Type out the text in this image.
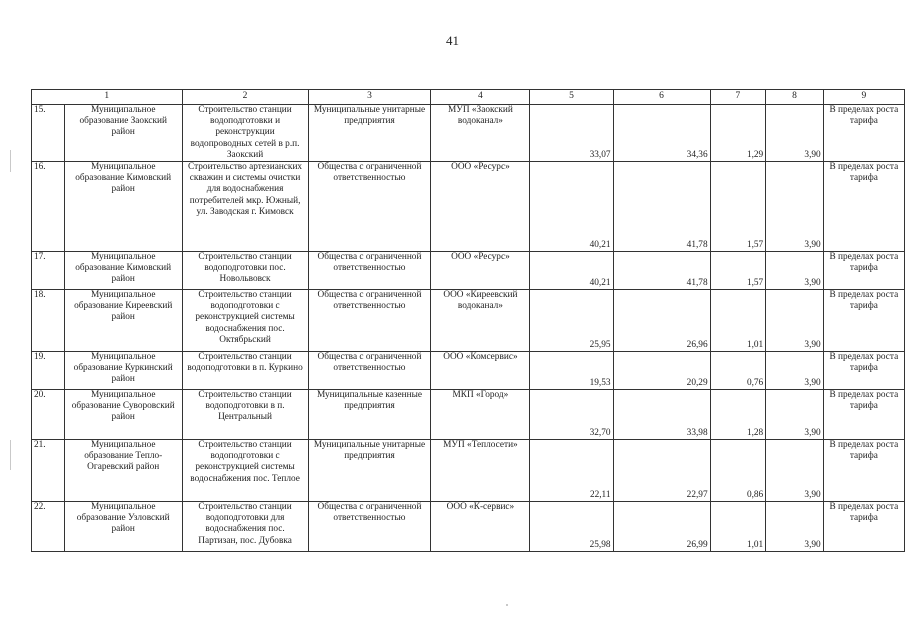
41
1		2	3	4	5	6	7	8	9
15.	Муниципальное образование Заокский район	Строительство станции водоподготовки и реконструкции водопроводных сетей в р.п. Заокский	Муниципальные унитарные предприятия	МУП «Заокский водоканал»	33,07	34,36	1,29	3,90	В пределах роста тарифа
16.	Муниципальное образование Кимовский район	Строительство артезианских скважин и системы очистки для водоснабжения потребителей мкр. Южный, ул. Заводская г. Кимовск	Общества с ограниченной ответственностью	ООО «Ресурс»	40,21	41,78	1,57	3,90	В пределах роста тарифа
17.	Муниципальное образование Кимовский район	Строительство станции водоподготовки пос. Новольвовск	Общества с ограниченной ответственностью	ООО «Ресурс»	40,21	41,78	1,57	3,90	В пределах роста тарифа
18.	Муниципальное образование Киреевский район	Строительство станции водоподготовки с реконструкцией системы водоснабжения пос. Октябрьский	Общества с ограниченной ответственностью	ООО «Киреевский водоканал»	25,95	26,96	1,01	3,90	В пределах роста тарифа
19.	Муниципальное образование Куркинский район	Строительство станции водоподготовки в п. Куркино	Общества с ограниченной ответственностью	ООО «Комсервис»	19,53	20,29	0,76	3,90	В пределах роста тарифа
20.	Муниципальное образование Суворовский район	Строительство станции водоподготовки в п. Центральный	Муниципальные казенные предприятия	МКП «Город»	32,70	33,98	1,28	3,90	В пределах роста тарифа
21.	Муниципальное образование Тепло-Огаревский район	Строительство станции водоподготовки с реконструкцией системы водоснабжения пос. Теплое	Муниципальные унитарные предприятия	МУП «Теплосети»	22,11	22,97	0,86	3,90	В пределах роста тарифа
22.	Муниципальное образование Узловский район	Строительство станции водоподготовки для водоснабжения пос. Партизан, пос. Дубовка	Общества с ограниченной ответственностью	ООО «К-сервис»	25,98	26,99	1,01	3,90	В пределах роста тарифа
